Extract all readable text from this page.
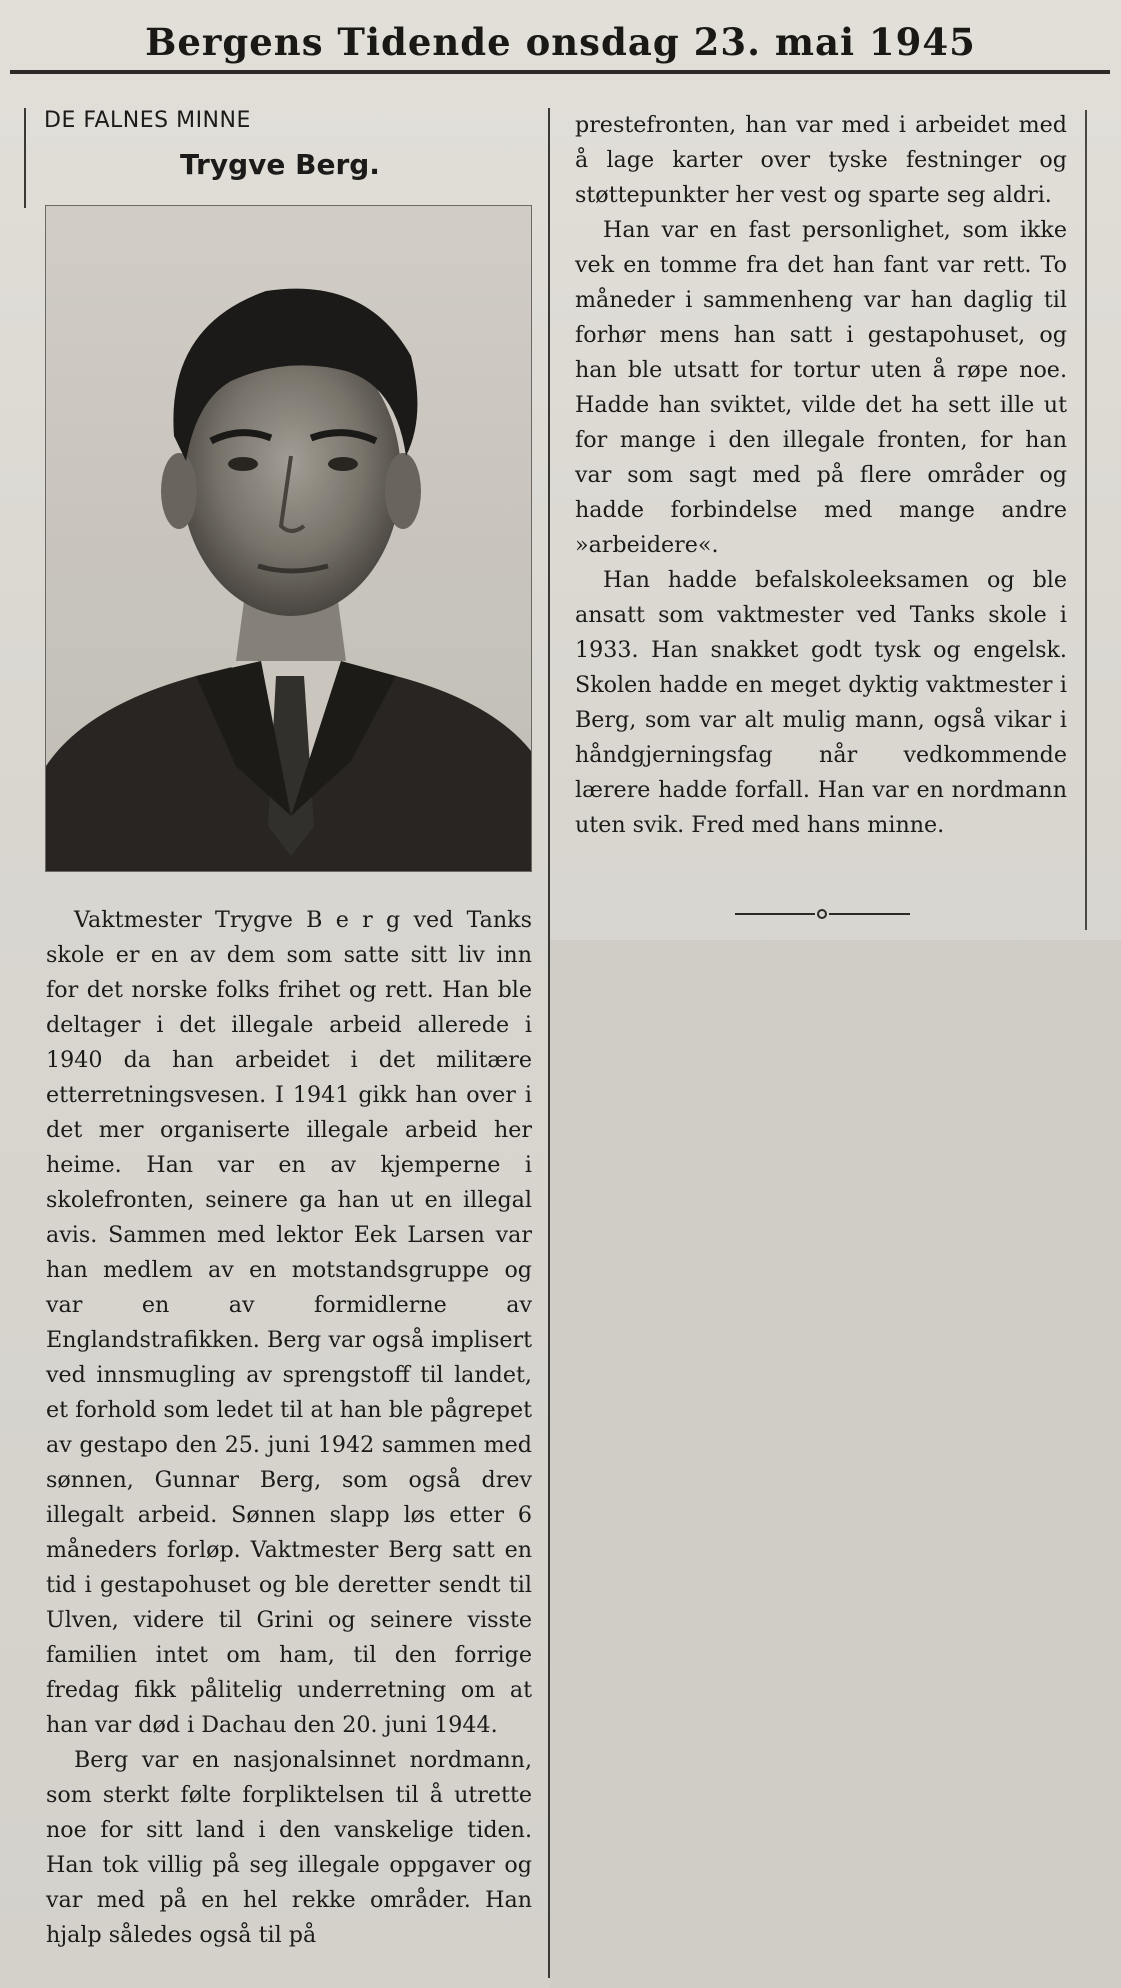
Bergens Tidende onsdag 23. mai 1945
DE FALNES MINNE
Trygve Berg.

Vaktmester Trygve B e r g ved Tanks skole er en av dem som satte sitt liv inn for det norske folks frihet og rett. Han ble deltager i det illegale arbeid allerede i 1940 da han arbeidet i det militære etterretningsvesen. I 1941 gikk han over i det mer organiserte illegale arbeid her heime. Han var en av kjemperne i skolefronten, seinere ga han ut en illegal avis. Sammen med lektor Eek Larsen var han medlem av en motstandsgruppe og var en av formidlerne av Englandstrafikken. Berg var også implisert ved innsmugling av sprengstoff til landet, et forhold som ledet til at han ble pågrepet av gestapo den 25. juni 1942 sammen med sønnen, Gunnar Berg, som også drev illegalt arbeid. Sønnen slapp løs etter 6 måneders forløp. Vaktmester Berg satt en tid i gestapohuset og ble deretter sendt til Ulven, videre til Grini og seinere visste familien intet om ham, til den forrige fredag fikk pålitelig underretning om at han var død i Dachau den 20. juni 1944.

Berg var en nasjonalsinnet nordmann, som sterkt følte forpliktelsen til å utrette noe for sitt land i den vanskelige tiden. Han tok villig på seg illegale oppgaver og var med på en hel rekke områder. Han hjalp således også til på

prestefronten, han var med i arbeidet med å lage karter over tyske festninger og støttepunkter her vest og sparte seg aldri.

Han var en fast personlighet, som ikke vek en tomme fra det han fant var rett. To måneder i sammenheng var han daglig til forhør mens han satt i gestapohuset, og han ble utsatt for tortur uten å røpe noe. Hadde han sviktet, vilde det ha sett ille ut for mange i den illegale fronten, for han var som sagt med på flere områder og hadde forbindelse med mange andre »arbeidere«.

Han hadde befalskoleeksamen og ble ansatt som vaktmester ved Tanks skole i 1933. Han snakket godt tysk og engelsk. Skolen hadde en meget dyktig vaktmester i Berg, som var alt mulig mann, også vikar i håndgjerningsfag når vedkommende lærere hadde forfall. Han var en nordmann uten svik. Fred med hans minne.
